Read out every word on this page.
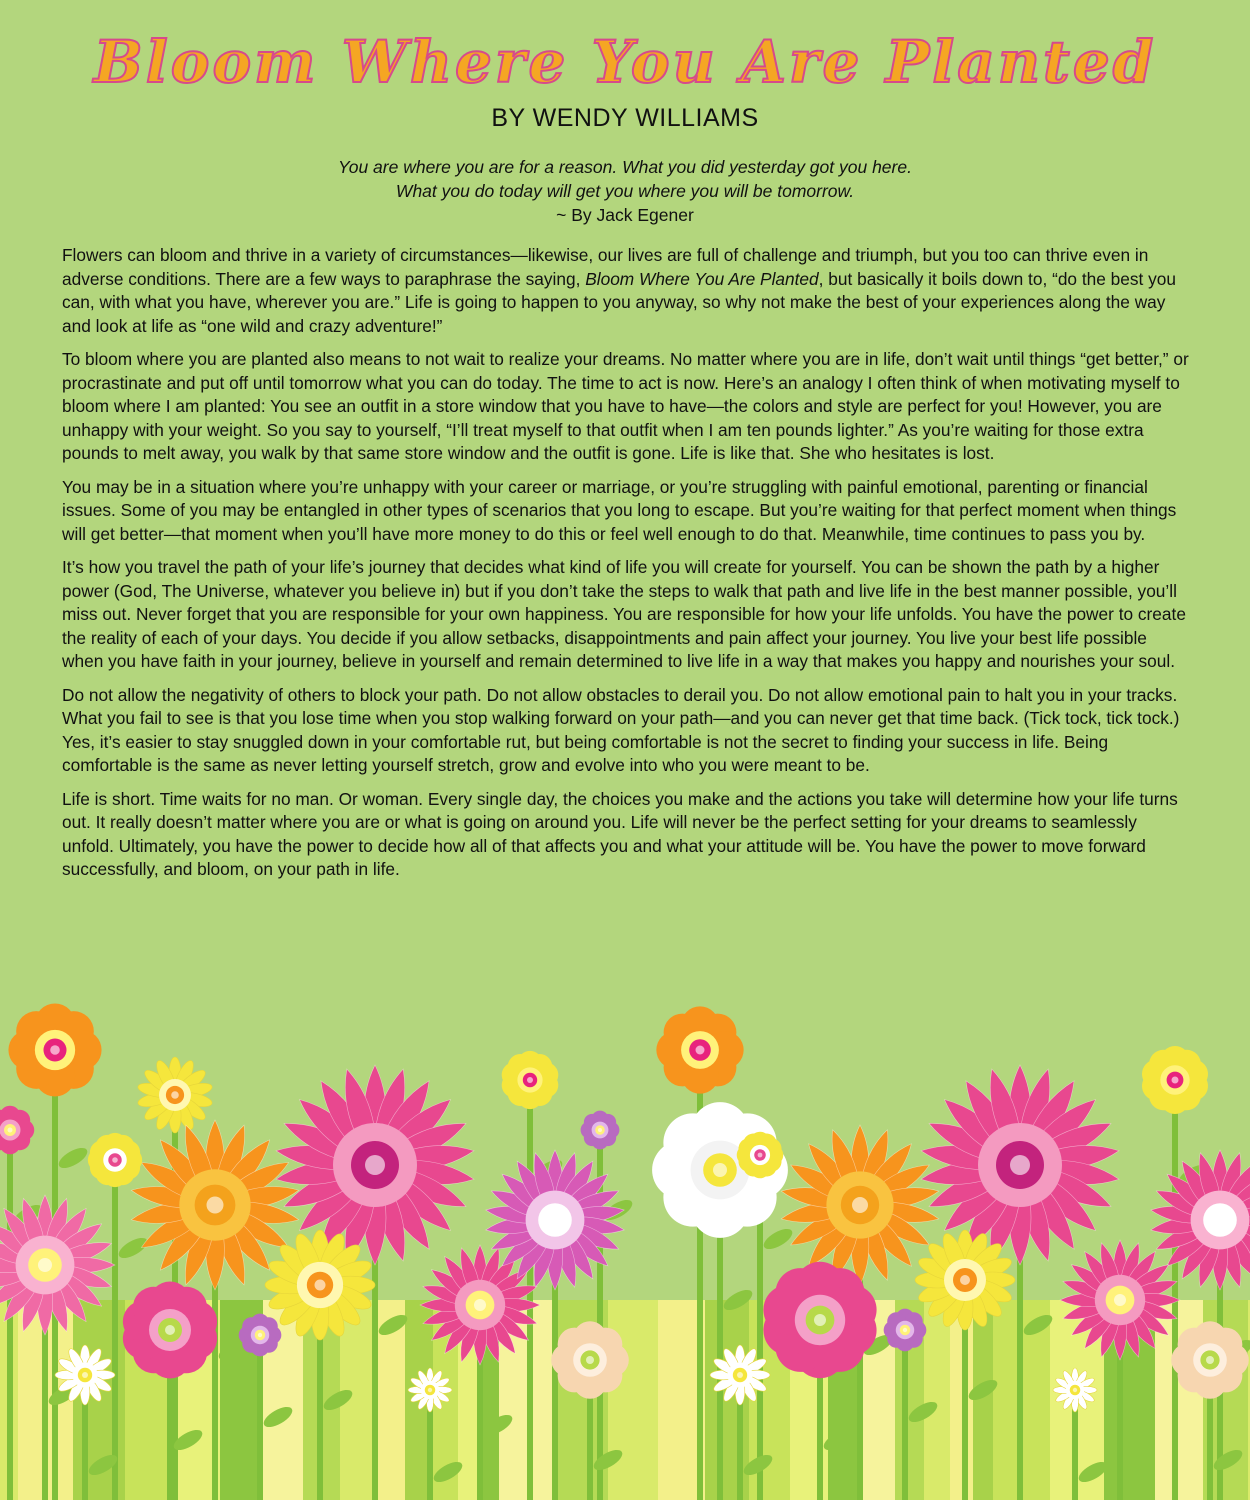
Bloom Where You Are Planted
BY WENDY WILLIAMS
You are where you are for a reason. What you did yesterday got you here.
What you do today will get you where you will be tomorrow.
~ By Jack Egener

Flowers can bloom and thrive in a variety of circumstances—likewise, our lives are full of challenge and triumph, but you too can thrive even in adverse conditions. There are a few ways to paraphrase the saying, Bloom Where You Are Planted, but basically it boils down to, “do the best you can, with what you have, wherever you are.” Life is going to happen to you anyway, so why not make the best of your experiences along the way and look at life as “one wild and crazy adventure!”

To bloom where you are planted also means to not wait to realize your dreams. No matter where you are in life, don’t wait until things “get better,” or procrastinate and put off until tomorrow what you can do today. The time to act is now. Here’s an analogy I often think of when motivating myself to bloom where I am planted: You see an outfit in a store window that you have to have—the colors and style are perfect for you! However, you are unhappy with your weight. So you say to yourself, “I’ll treat myself to that outfit when I am ten pounds lighter.” As you’re waiting for those extra pounds to melt away, you walk by that same store window and the outfit is gone. Life is like that. She who hesitates is lost.

You may be in a situation where you’re unhappy with your career or marriage, or you’re struggling with painful emotional, parenting or financial issues. Some of you may be entangled in other types of scenarios that you long to escape. But you’re waiting for that perfect moment when things will get better—that moment when you’ll have more money to do this or feel well enough to do that. Meanwhile, time continues to pass you by.

It’s how you travel the path of your life’s journey that decides what kind of life you will create for yourself. You can be shown the path by a higher power (God, The Universe, whatever you believe in) but if you don’t take the steps to walk that path and live life in the best manner possible, you’ll miss out. Never forget that you are responsible for your own happiness. You are responsible for how your life unfolds. You have the power to create the reality of each of your days. You decide if you allow setbacks, disappointments and pain affect your journey. You live your best life possible when you have faith in your journey, believe in yourself and remain determined to live life in a way that makes you happy and nourishes your soul.

Do not allow the negativity of others to block your path. Do not allow obstacles to derail you. Do not allow emotional pain to halt you in your tracks. What you fail to see is that you lose time when you stop walking forward on your path—and you can never get that time back. (Tick tock, tick tock.) Yes, it’s easier to stay snuggled down in your comfortable rut, but being comfortable is not the secret to finding your success in life. Being comfortable is the same as never letting yourself stretch, grow and evolve into who you were meant to be.

Life is short. Time waits for no man. Or woman. Every single day, the choices you make and the actions you take will determine how your life turns out. It really doesn’t matter where you are or what is going on around you. Life will never be the perfect setting for your dreams to seamlessly unfold. Ultimately, you have the power to decide how all of that affects you and what your attitude will be. You have the power to move forward successfully, and bloom, on your path in life.
